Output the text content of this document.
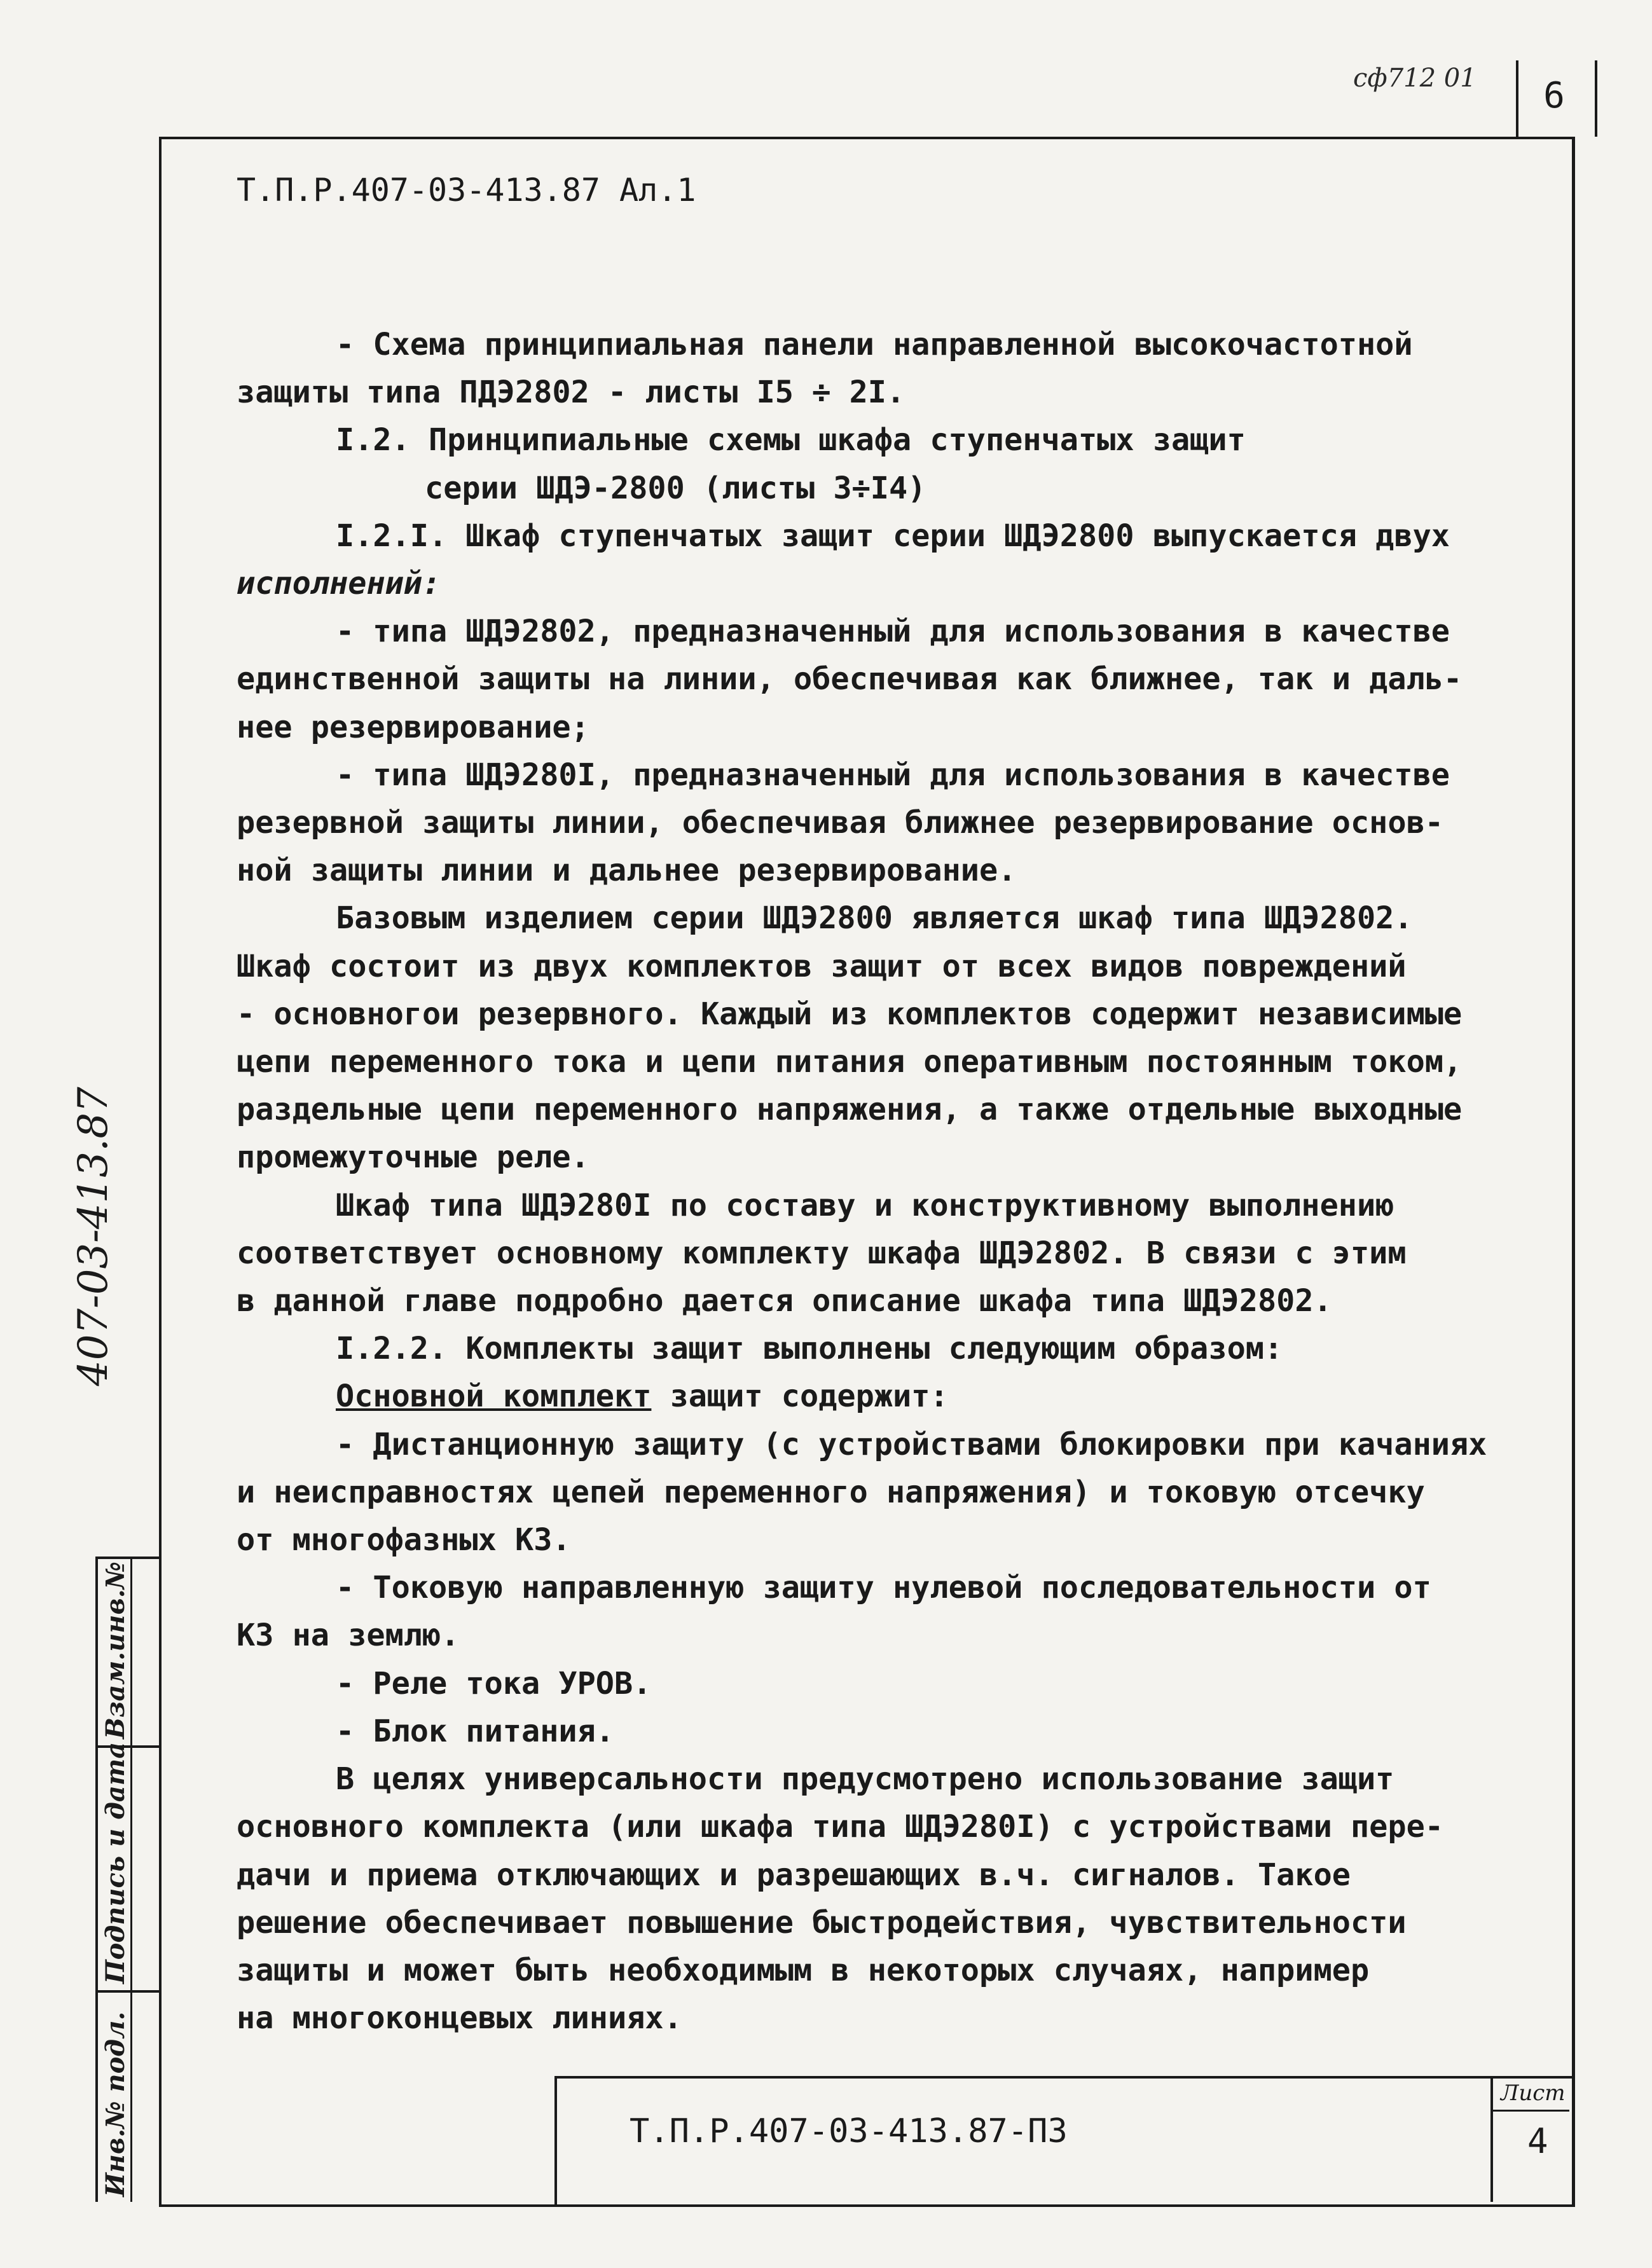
сф712 01	6
Т.П.Р.407-03-413.87 Ал.1

- Схема принципиальная панели направленной высокочастотной

защиты типа ПДЭ2802 - листы I5 ÷ 2I.

I.2. Принципиальные схемы шкафа ступенчатых защит

серии ШДЭ-2800 (листы 3÷I4)

I.2.I. Шкаф ступенчатых защит серии ШДЭ2800 выпускается двух

исполнений:

- типа ШДЭ2802, предназначенный для использования в качестве

единственной защиты на линии, обеспечивая как ближнее, так и даль-

нее резервирование;

- типа ШДЭ280I, предназначенный для использования в качестве

резервной защиты линии, обеспечивая ближнее резервирование основ-

ной защиты линии и дальнее резервирование.

Базовым изделием серии ШДЭ2800 является шкаф типа ШДЭ2802.

Шкаф состоит из двух комплектов защит от всех видов повреждений

- основногои резервного. Каждый из комплектов содержит независимые

цепи переменного тока и цепи питания оперативным постоянным током,

раздельные цепи переменного напряжения, а также отдельные выходные

промежуточные реле.

Шкаф типа ШДЭ280I по составу и конструктивному выполнению

соответствует основному комплекту шкафа ШДЭ2802. В связи с этим

в данной главе подробно дается описание шкафа типа ШДЭ2802.

I.2.2. Комплекты защит выполнены следующим образом:

Основной комплект защит содержит:

- Дистанционную защиту (с устройствами блокировки при качаниях

и неисправностях цепей переменного напряжения) и токовую отсечку

от многофазных КЗ.

- Токовую направленную защиту нулевой последовательности от

КЗ на землю.

- Реле тока УРОВ.

- Блок питания.

В целях универсальности предусмотрено использование защит

основного комплекта (или шкафа типа ШДЭ280I) с устройствами пере-

дачи и приема отключающих и разрешающих в.ч. сигналов. Такое

решение обеспечивает повышение быстродействия, чувствительности

защиты и может быть необходимым в некоторых случаях, например

на многоконцевых линиях.

407-03-413.87
Взам.инв.№
Подпись и дата
Инв.№ подл.	Т.П.Р.407-03-413.87-ПЗ
Лист
4
